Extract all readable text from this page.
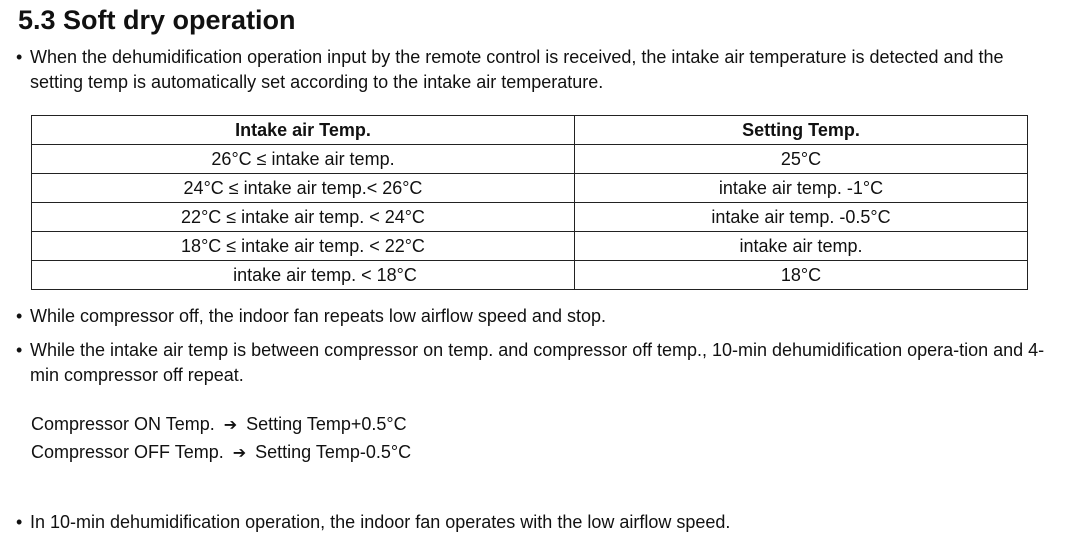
5.3 Soft dry operation
• When the dehumidification operation input by the remote control is received, the intake air temperature is detected and the setting temp is automatically set according to the intake air temperature.
Intake air Temp.	Setting Temp.
26°C ≤ intake air temp.	25°C
24°C ≤ intake air temp.< 26°C	intake air temp. -1°C
22°C ≤ intake air temp. < 24°C	intake air temp. -0.5°C
18°C ≤ intake air temp. < 22°C	intake air temp.
intake air temp. < 18°C	18°C
• While compressor off, the indoor fan repeats low airflow speed and stop.
• While the intake air temp is between compressor on temp. and compressor off temp., 10-min dehumidification opera-tion and 4-min compressor off repeat.
Compressor ON Temp. ➔ Setting Temp+0.5°C
Compressor OFF Temp. ➔ Setting Temp-0.5°C
• In 10-min dehumidification operation, the indoor fan operates with the low airflow speed.
